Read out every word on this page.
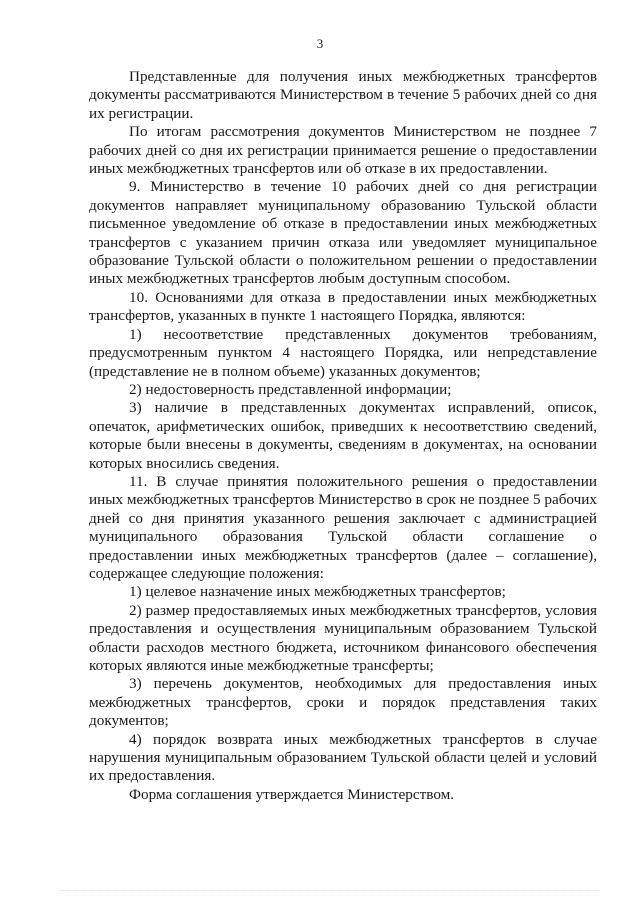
3

Представленные для получения иных межбюджетных трансфертов документы рассматриваются Министерством в течение 5 рабочих дней со дня их регистрации.

По итогам рассмотрения документов Министерством не позднее 7 рабочих дней со дня их регистрации принимается решение о предоставлении иных межбюджетных трансфертов или об отказе в их предоставлении.

9. Министерство в течение 10 рабочих дней со дня регистрации документов направляет муниципальному образованию Тульской области письменное уведомление об отказе в предоставлении иных межбюджетных трансфертов с указанием причин отказа или уведомляет муниципальное образование Тульской области о положительном решении о предоставлении иных межбюджетных трансфертов любым доступным способом.

10. Основаниями для отказа в предоставлении иных межбюджетных трансфертов, указанных в пункте 1 настоящего Порядка, являются:

1) несоответствие представленных документов требованиям, предусмотренным пунктом 4 настоящего Порядка, или непредставление (представление не в полном объеме) указанных документов;

2) недостоверность представленной информации;

3) наличие в представленных документах исправлений, описок, опечаток, арифметических ошибок, приведших к несоответствию сведений, которые были внесены в документы, сведениям в документах, на основании которых вносились сведения.

11. В случае принятия положительного решения о предоставлении иных межбюджетных трансфертов Министерство в срок не позднее 5 рабочих дней со дня принятия указанного решения заключает с администрацией муниципального образования Тульской области соглашение о предоставлении иных межбюджетных трансфертов (далее – соглашение), содержащее следующие положения:

1) целевое назначение иных межбюджетных трансфертов;

2) размер предоставляемых иных межбюджетных трансфертов, условия предоставления и осуществления муниципальным образованием Тульской области расходов местного бюджета, источником финансового обеспечения которых являются иные межбюджетные трансферты;

3) перечень документов, необходимых для предоставления иных межбюджетных трансфертов, сроки и порядок представления таких документов;

4) порядок возврата иных межбюджетных трансфертов в случае нарушения муниципальным образованием Тульской области целей и условий их предоставления.

Форма соглашения утверждается Министерством.
